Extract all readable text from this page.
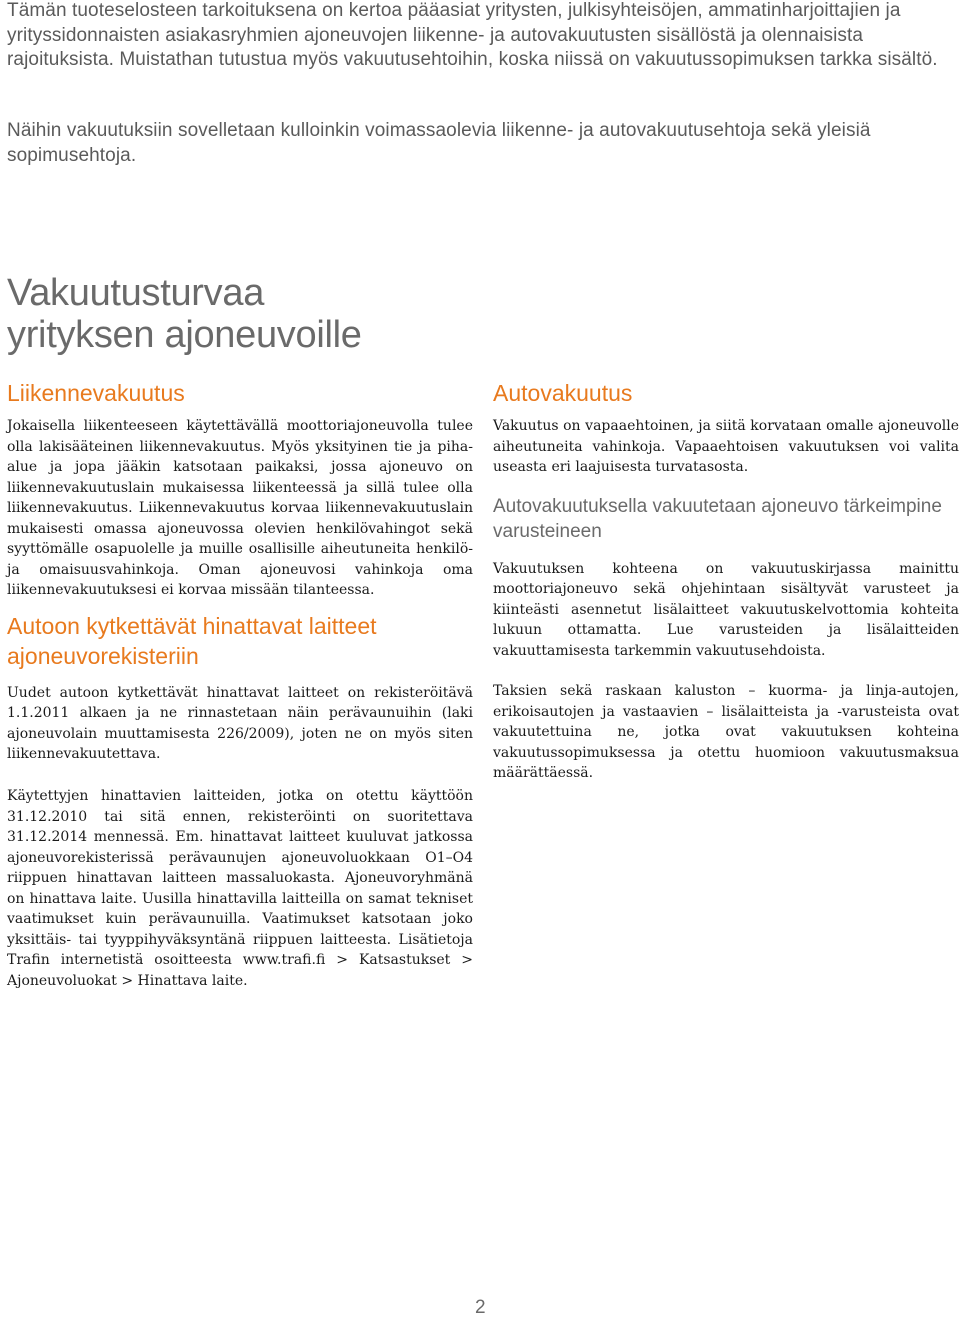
Tämän tuoteselosteen tarkoituksena on kertoa pääasiat yritysten, julkisyhteisöjen, ammatinharjoittajien ja yrityssidonnaisten asiakasryhmien ajoneuvojen liikenne- ja autovakuutusten sisällöstä ja olennaisista rajoituksista. Muistathan tutustua myös vakuutusehtoihin, koska niissä on vakuutussopimuksen tarkka sisältö.

Näihin vakuutuksiin sovelletaan kulloinkin voimassaolevia liikenne- ja autovakuutusehtoja sekä yleisiä sopimusehtoja.

Vakuutusturvaa
yrityksen ajoneuvoille
Liikennevakuutus

Jokaisella liikenteeseen käytettävällä moottoriajoneuvolla tulee olla lakisääteinen liikennevakuutus. Myös yksityinen tie ja piha-alue ja jopa jääkin katsotaan paikaksi, jossa ajoneuvo on liikennevakuutuslain mukaisessa liikenteessä ja sillä tulee olla liikennevakuutus. Liikennevakuutus korvaa liikennevakuutuslain mukaisesti omassa ajoneuvossa olevien henkilövahingot sekä syyttömälle osapuolelle ja muille osallisille aiheutuneita henkilö- ja omaisuusvahinkoja. Oman ajoneuvosi vahinkoja oma liikennevakuutuksesi ei korvaa missään tilanteessa.

Autoon kytkettävät hinattavat laitteet ajoneuvorekisteriin

Uudet autoon kytkettävät hinattavat laitteet on rekisteröitävä 1.1.2011 alkaen ja ne rinnastetaan näin perävaunuihin (laki ajoneuvolain muuttamisesta 226/2009), joten ne on myös siten liikennevakuutettava.

Käytettyjen hinattavien laitteiden, jotka on otettu käyttöön 31.12.2010 tai sitä ennen, rekisteröinti on suoritettava 31.12.2014 mennessä. Em. hinattavat laitteet kuuluvat jatkossa ajoneuvorekisterissä perävaunujen ajoneuvoluokkaan O1–O4 riippuen hinattavan laitteen massaluokasta. Ajoneuvoryhmänä on hinattava laite. Uusilla hinattavilla laitteilla on samat tekniset vaatimukset kuin perävaunuilla. Vaatimukset katsotaan joko yksittäis- tai tyyppihyväksyntänä riippuen laitteesta. Lisätietoja Trafin internetistä osoitteesta www.trafi.fi > Katsastukset > Ajoneuvoluokat > Hinattava laite.

Autovakuutus

Vakuutus on vapaaehtoinen, ja siitä korvataan omalle ajoneuvolle aiheutuneita vahinkoja. Vapaaehtoisen vakuutuksen voi valita useasta eri laajuisesta turvatasosta.

Autovakuutuksella vakuutetaan ajoneuvo tärkeimpine varusteineen

Vakuutuksen kohteena on vakuutuskirjassa mainittu moottoriajoneuvo sekä ohjehintaan sisältyvät varusteet ja kiinteästi asennetut lisälaitteet vakuutuskelvottomia kohteita lukuun ottamatta. Lue varusteiden ja lisälaitteiden vakuuttamisesta tarkemmin vakuutusehdoista.

Taksien sekä raskaan kaluston – kuorma- ja linja-autojen, erikoisautojen ja vastaavien – lisälaitteista ja -varusteista ovat vakuutettuina ne, jotka ovat vakuutuksen kohteina vakuutussopimuksessa ja otettu huomioon vakuutusmaksua määrättäessä.

2
